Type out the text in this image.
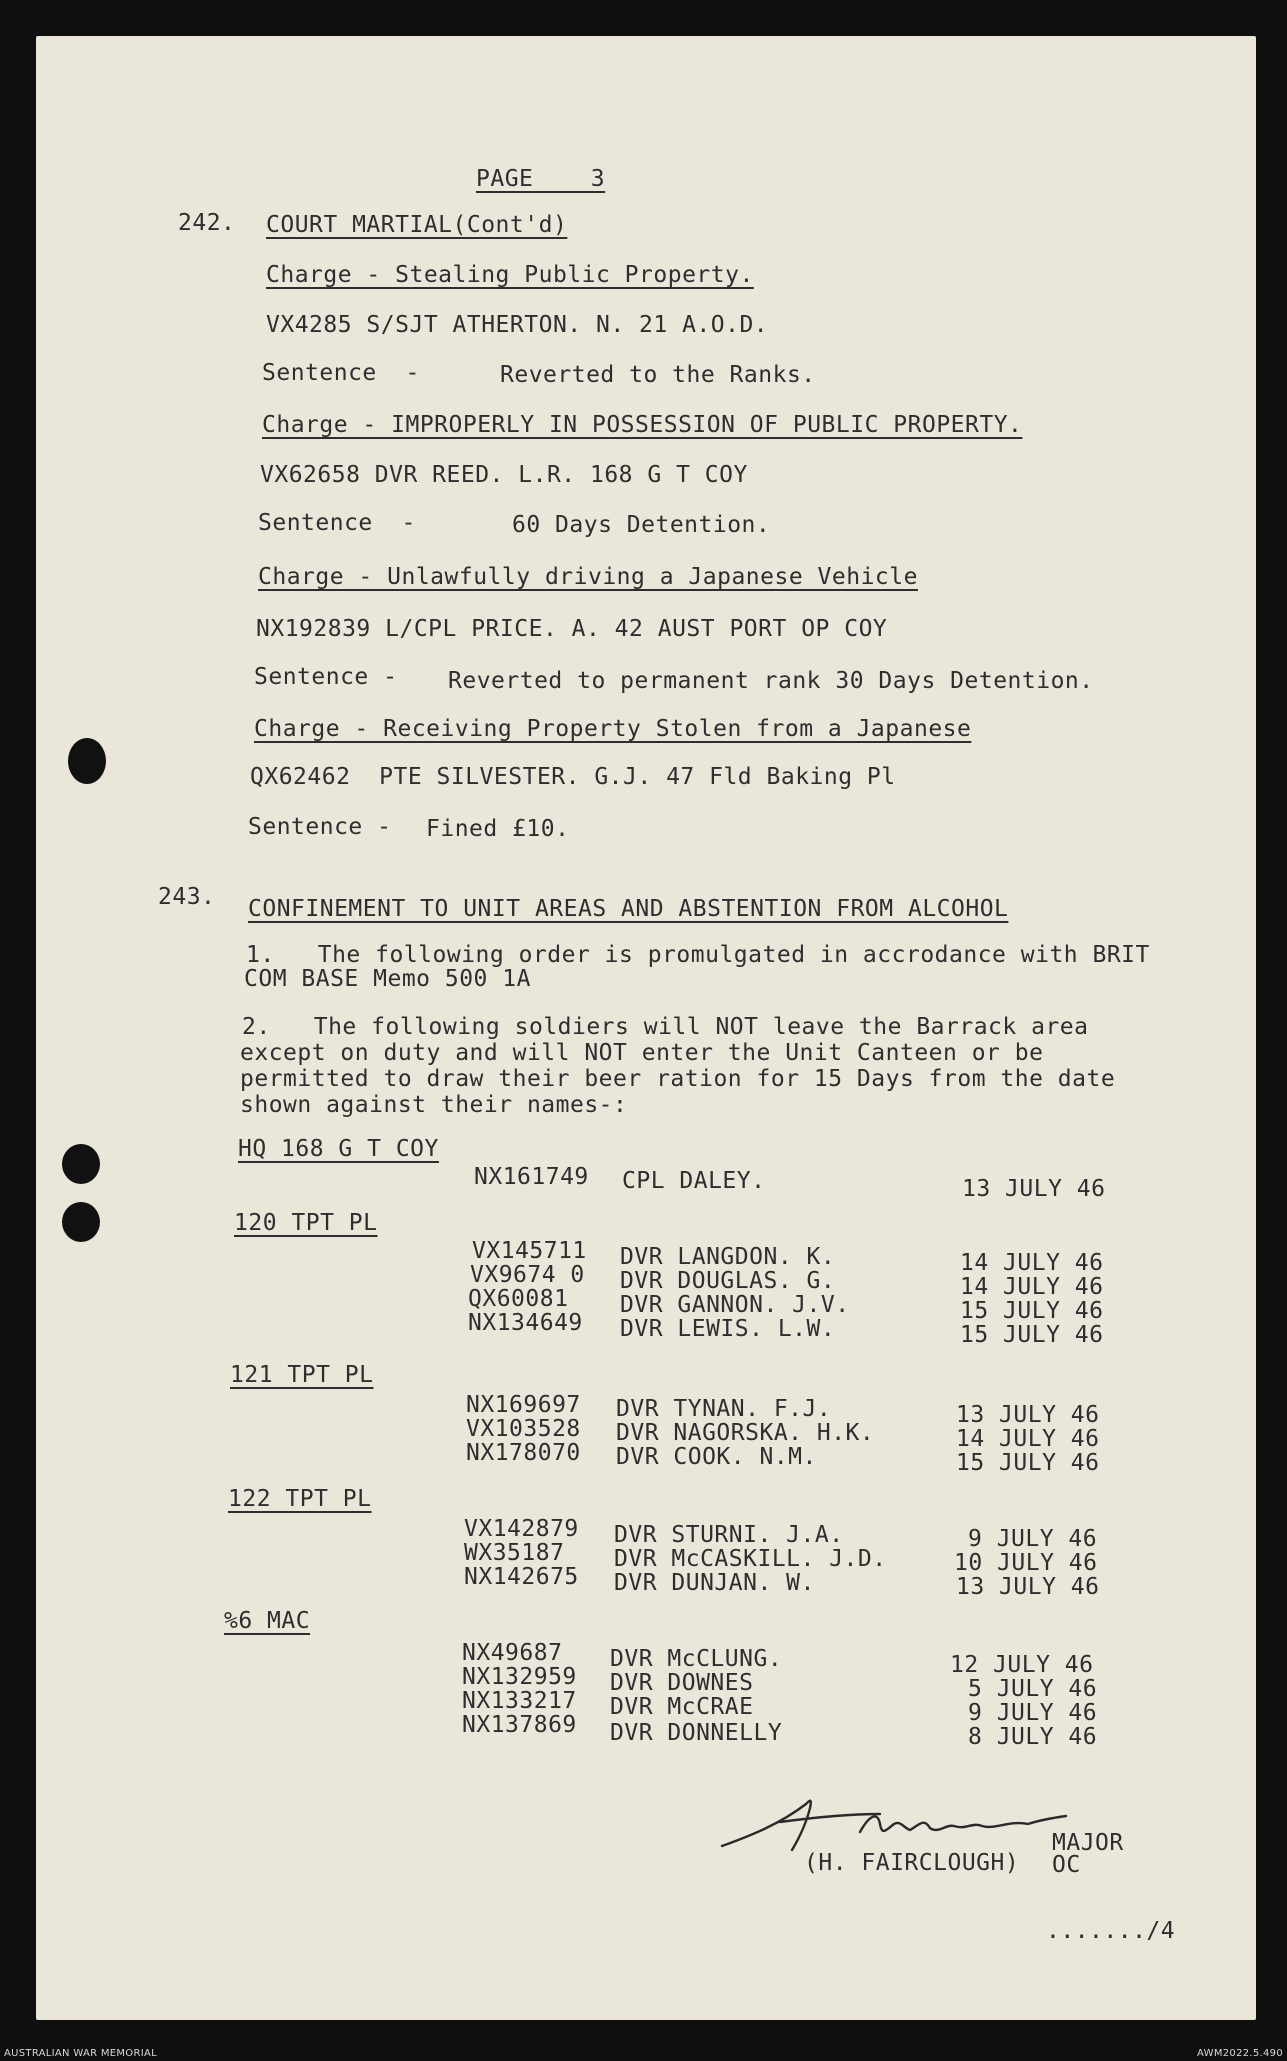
PAGE    3
242. COURT MARTIAL(Cont'd)
Charge - Stealing Public Property.
VX4285 S/SJT ATHERTON. N. 21 A.O.D.
Sentence  -	Reverted to the Ranks.
Charge - IMPROPERLY IN POSSESSION OF PUBLIC PROPERTY.
VX62658 DVR REED. L.R. 168 G T COY
Sentence  -	60 Days Detention.
Charge - Unlawfully driving a Japanese Vehicle
NX192839 L/CPL PRICE. A. 42 AUST PORT OP COY
Sentence - Reverted to permanent rank 30 Days Detention.
Charge - Receiving Property Stolen from a Japanese
QX62462  PTE SILVESTER. G.J. 47 Fld Baking Pl
Sentence - Fined £10.
243. CONFINEMENT TO UNIT AREAS AND ABSTENTION FROM ALCOHOL
1.   The following order is promulgated in accrodance with BRIT
COM BASE Memo 500 1A
2.   The following soldiers will NOT leave the Barrack area
except on duty and will NOT enter the Unit Canteen or be
permitted to draw their beer ration for 15 Days from the date
shown against their names-:
HQ 168 G T COY
NX161749 CPL DALEY.	13 JULY 46
120 TPT PL
VX145711 DVR LANGDON. K.	14 JULY 46
VX9674 0 DVR DOUGLAS. G.	14 JULY 46
QX60081 DVR GANNON. J.V.	15 JULY 46
NX134649 DVR LEWIS. L.W.	15 JULY 46
121 TPT PL
NX169697 DVR TYNAN. F.J.	13 JULY 46
VX103528 DVR NAGORSKA. H.K.	14 JULY 46
NX178070 DVR COOK. N.M.	15 JULY 46
122 TPT PL
VX142879 DVR STURNI. J.A.	9 JULY 46
WX35187 DVR McCASKILL. J.D.	10 JULY 46
NX142675 DVR DUNJAN. W.	13 JULY 46
%6 MAC
NX49687 DVR McCLUNG.	12 JULY 46
NX132959 DVR DOWNES	5 JULY 46
NX133217 DVR McCRAE	9 JULY 46
NX137869 DVR DONNELLY	8 JULY 46
MAJOR
(H. FAIRCLOUGH) OC
......./4
AUSTRALIAN WAR MEMORIAL	AWM2022.5.490
